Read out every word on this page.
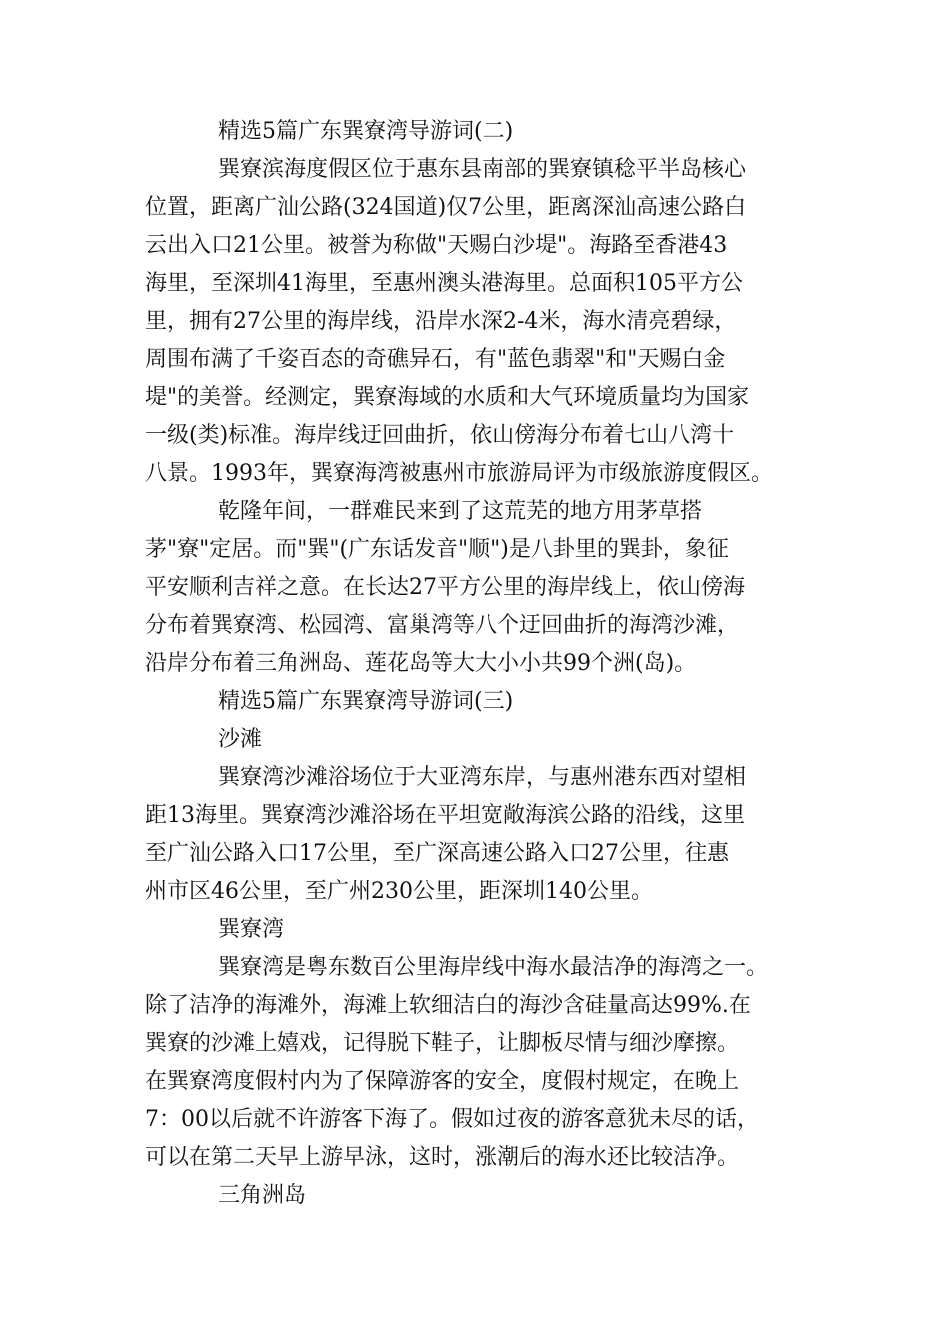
精选5篇广东巽寮湾导游词(二)
巽寮滨海度假区位于惠东县南部的巽寮镇稔平半岛核心
位置，距离广汕公路(324国道)仅7公里，距离深汕高速公路白
云出入口21公里。被誉为称做"天赐白沙堤"。海路至香港43
海里，至深圳41海里，至惠州澳头港海里。总面积105平方公
里，拥有27公里的海岸线，沿岸水深2-4米，海水清亮碧绿，
周围布满了千姿百态的奇礁异石，有"蓝色翡翠"和"天赐白金
堤"的美誉。经测定，巽寮海域的水质和大气环境质量均为国家
一级(类)标准。海岸线迂回曲折，依山傍海分布着七山八湾十
八景。1993年，巽寮海湾被惠州市旅游局评为市级旅游度假区。
乾隆年间，一群难民来到了这荒芜的地方用茅草搭
茅"寮"定居。而"巽"(广东话发音"顺")是八卦里的巽卦，象征
平安顺利吉祥之意。在长达27平方公里的海岸线上，依山傍海
分布着巽寮湾、松园湾、富巢湾等八个迂回曲折的海湾沙滩，
沿岸分布着三角洲岛、莲花岛等大大小小共99个洲(岛)。
精选5篇广东巽寮湾导游词(三)
沙滩
巽寮湾沙滩浴场位于大亚湾东岸，与惠州港东西对望相
距13海里。巽寮湾沙滩浴场在平坦宽敞海滨公路的沿线，这里
至广汕公路入口17公里，至广深高速公路入口27公里，往惠
州市区46公里，至广州230公里，距深圳140公里。
巽寮湾
巽寮湾是粤东数百公里海岸线中海水最洁净的海湾之一。
除了洁净的海滩外，海滩上软细洁白的海沙含硅量高达99%.在
巽寮的沙滩上嬉戏，记得脱下鞋子，让脚板尽情与细沙摩擦。
在巽寮湾度假村内为了保障游客的安全，度假村规定，在晚上
7：00以后就不许游客下海了。假如过夜的游客意犹未尽的话，
可以在第二天早上游早泳，这时，涨潮后的海水还比较洁净。
三角洲岛
